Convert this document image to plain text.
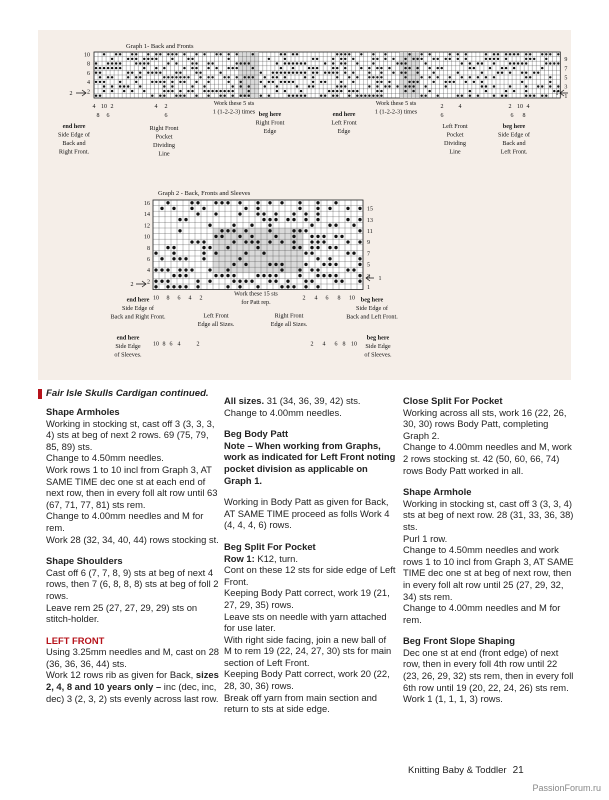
Graph 1- Back and Fronts
10
8
6
4
2
9
7
5
3
1
2	1
4 10 2
8 6
4 2
6
2
6
4	2 10 4
6 8
Work these 5 sts
1 (1-2-2-3) times
Work these 5 sts
1 (1-2-2-3) times
end here
Side Edge of
Back and
Right Front.
Right Front
Pocket
Dividing
Line
beg here
Right Front
Edge
end here
Left Front
Edge
Left Front
Pocket
Dividing
Line
beg here
Side Edge of
Back and
Left Front.
Graph 2 - Back, Fronts and Sleeves
16
14
12
10
8
6
4
2
15
13
11
9
7
5
3
1
2
1
10 8 6 4 2	2 4 6 8 10
Work these 15 sts
for Patt rep.
end here
Side Edge of
Back and Right Front.
beg here
Side Edge of
Back and Left Front.
Left Front
Edge all Sizes.
Right Front
Edge all Sizes.
10 8 6 4	2	2 4 6 8 10
end here
Side Edge
of Sleeves.
beg here
Side Edge
of Sleeves.
Fair Isle Skulls Cardigan continued.

Shape Armholes

Working in stocking st, cast off 3 (3, 3, 3, 4) sts at beg of next 2 rows. 69 (75, 79, 85, 89) sts.

Change to 4.50mm needles.

Work rows 1 to 10 incl from Graph 3, AT SAME TIME dec one st at each end of next row, then in every foll alt row until 63 (67, 71, 77, 81) sts rem.

Change to 4.00mm needles and M for rem.

Work 28 (32, 34, 40, 44) rows stocking st.

Shape Shoulders

Cast off 6 (7, 7, 8, 9) sts at beg of next 4 rows, then 7 (6, 8, 8, 8) sts at beg of foll 2 rows.

Leave rem 25 (27, 27, 29, 29) sts on stitch-holder.

LEFT FRONT

Using 3.25mm needles and M, cast on 28 (36, 36, 36, 44) sts.

Work 12 rows rib as given for Back, sizes 2, 4, 8 and 10 years only – inc (dec, inc, dec) 3 (2, 3, 2) sts evenly across last row.

All sizes. 31 (34, 36, 39, 42) sts.

Change to 4.00mm needles.

Beg Body Patt

Note – When working from Graphs, work as indicated for Left Front noting pocket division as applicable on Graph 1.

Working in Body Patt as given for Back, AT SAME TIME proceed as folls Work 4 (4, 4, 4, 6) rows.

Beg Split For Pocket

Row 1: K12, turn.

Cont on these 12 sts for side edge of Left Front.

Keeping Body Patt correct, work 19 (21, 27, 29, 35) rows.

Leave sts on needle with yarn attached for use later.

With right side facing, join a new ball of M to rem 19 (22, 24, 27, 30) sts for main section of Left Front.

Keeping Body Patt correct, work 20 (22, 28, 30, 36) rows.

Break off yarn from main section and return to sts at side edge.

Close Split For Pocket

Working across all sts, work 16 (22, 26, 30, 30) rows Body Patt, completing Graph 2.

Change to 4.00mm needles and M, work 2 rows stocking st. 42 (50, 60, 66, 74) rows Body Patt worked in all.

Shape Armhole

Working in stocking st, cast off 3 (3, 3, 4) sts at beg of next row. 28 (31, 33, 36, 38) sts.

Purl 1 row.

Change to 4.50mm needles and work rows 1 to 10 incl from Graph 3, AT SAME TIME dec one st at beg of next row, then in every foll alt row until 25 (27, 29, 32, 34) sts rem.

Change to 4.00mm needles and M for rem.

Beg Front Slope Shaping

Dec one st at end (front edge) of next row, then in every foll 4th row until 22 (23, 26, 29, 32) sts rem, then in every foll 6th row until 19 (20, 22, 24, 26) sts rem.

Work 1 (1, 1, 1, 3) rows.

Knitting Baby & Toddler 21
PassionForum.ru
